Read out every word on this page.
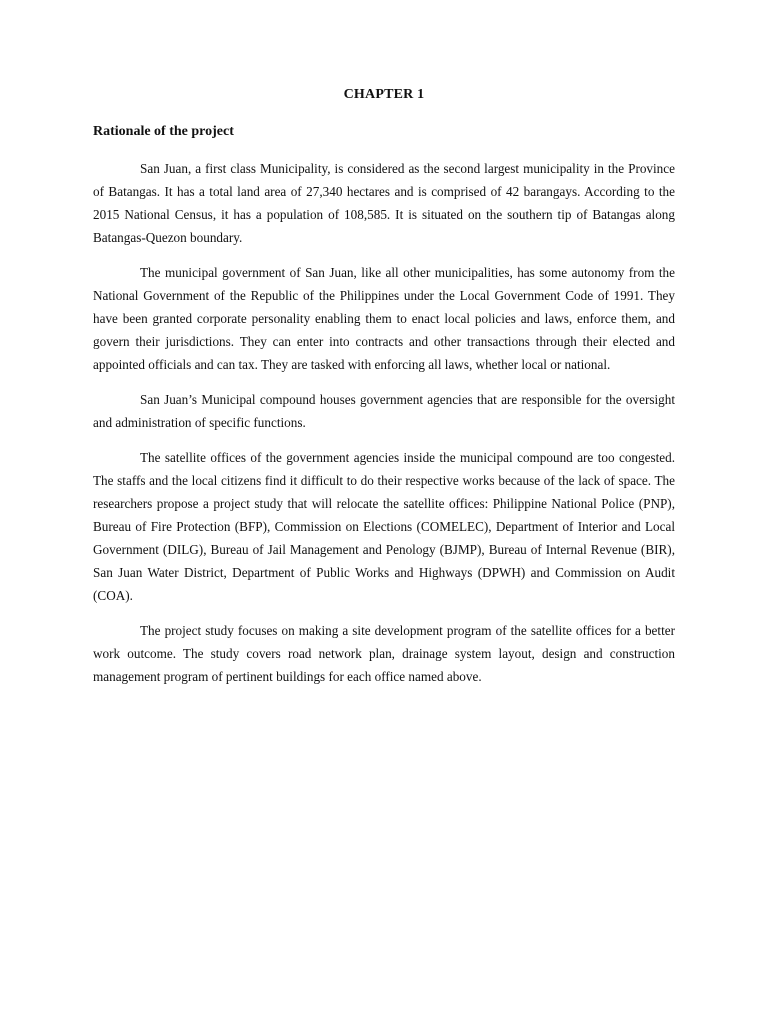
CHAPTER 1
Rationale of the project

San Juan, a first class Municipality, is considered as the second largest municipality in the Province of Batangas. It has a total land area of 27,340 hectares and is comprised of 42 barangays. According to the 2015 National Census, it has a population of 108,585. It is situated on the southern tip of Batangas along Batangas-Quezon boundary.

The municipal government of San Juan, like all other municipalities, has some autonomy from the National Government of the Republic of the Philippines under the Local Government Code of 1991. They have been granted corporate personality enabling them to enact local policies and laws, enforce them, and govern their jurisdictions. They can enter into contracts and other transactions through their elected and appointed officials and can tax. They are tasked with enforcing all laws, whether local or national.

San Juan’s Municipal compound houses government agencies that are responsible for the oversight and administration of specific functions.

The satellite offices of the government agencies inside the municipal compound are too congested. The staffs and the local citizens find it difficult to do their respective works because of the lack of space. The researchers propose a project study that will relocate the satellite offices: Philippine National Police (PNP), Bureau of Fire Protection (BFP), Commission on Elections (COMELEC), Department of Interior and Local Government (DILG), Bureau of Jail Management and Penology (BJMP), Bureau of Internal Revenue (BIR), San Juan Water District, Department of Public Works and Highways (DPWH) and Commission on Audit (COA).

The project study focuses on making a site development program of the satellite offices for a better work outcome. The study covers road network plan, drainage system layout, design and construction management program of pertinent buildings for each office named above.
